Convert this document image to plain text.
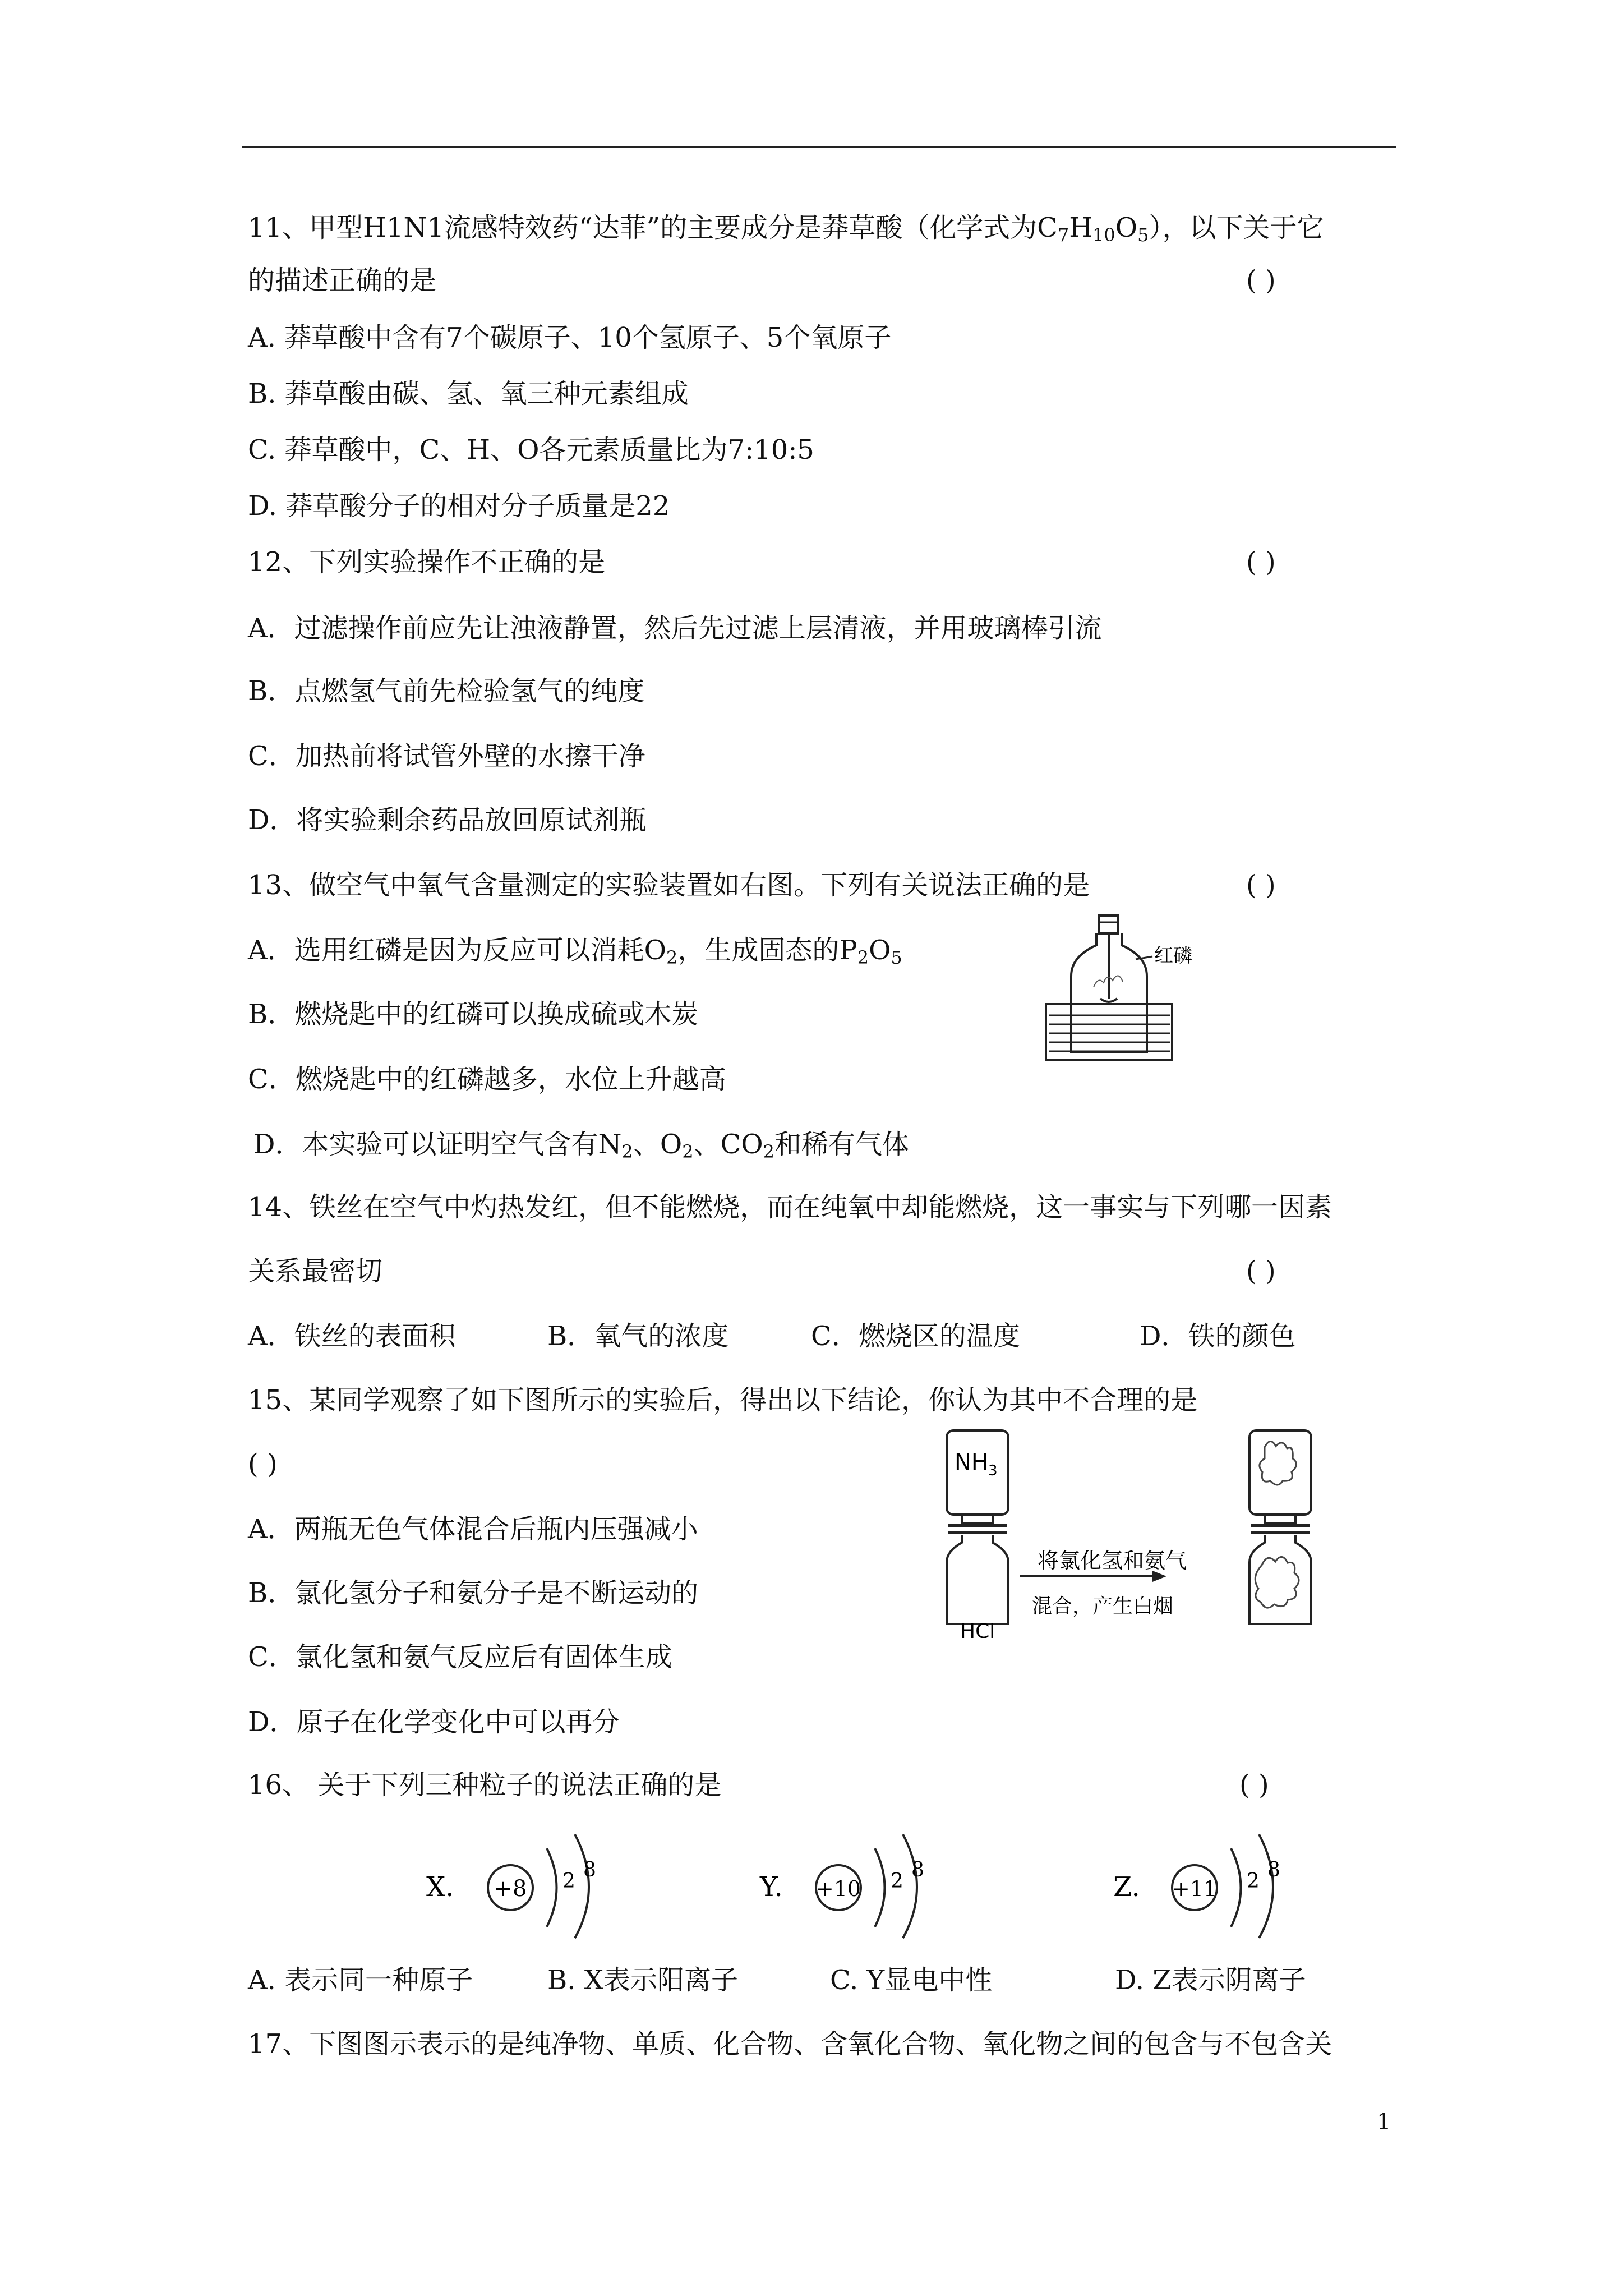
11、甲型H1N1流感特效药“达菲”的主要成分是莽草酸（化学式为$C_7H_{10}O_5$），以下关于它
的描述正确的是	( )
A. 莽草酸中含有7个碳原子、10个氢原子、5个氧原子
B. 莽草酸由碳、氢、氧三种元素组成
C. 莽草酸中，C、H、O各元素质量比为7:10:5
D. 莽草酸分子的相对分子质量是22
12、下列实验操作不正确的是	( )
A．过滤操作前应先让浊液静置，然后先过滤上层清液，并用玻璃棒引流
B．点燃氢气前先检验氢气的纯度
C．加热前将试管外壁的水擦干净
D．将实验剩余药品放回原试剂瓶
13、做空气中氧气含量测定的实验装置如右图。下列有关说法正确的是	( )
A．选用红磷是因为反应可以消耗$O_2$，生成固态的$P_2O_5$
B．燃烧匙中的红磷可以换成硫或木炭
C．燃烧匙中的红磷越多，水位上升越高
D．本实验可以证明空气含有$N_2$、$O_2$、$CO_2$和稀有气体
红磷
14、铁丝在空气中灼热发红，但不能燃烧，而在纯氧中却能燃烧，这一事实与下列哪一因素
关系最密切	( )
A．铁丝的表面积	B．氧气的浓度	C．燃烧区的温度	D．铁的颜色
15、某同学观察了如下图所示的实验后，得出以下结论，你认为其中不合理的是
( )
A．两瓶无色气体混合后瓶内压强减小
B．氯化氢分子和氨分子是不断运动的
C．氯化氢和氨气反应后有固体生成
D．原子在化学变化中可以再分
$NH_3$
HCl
将氯化氢和氨气
混合，产生白烟
16、 关于下列三种粒子的说法正确的是	( )
X. +8 2 8
Y. +10 2 8
Z. +11 2 8
A. 表示同一种原子	B. X表示阳离子	C. Y显电中性	D. Z表示阴离子
17、下图图示表示的是纯净物、单质、化合物、含氧化合物、氧化物之间的包含与不包含关
1
